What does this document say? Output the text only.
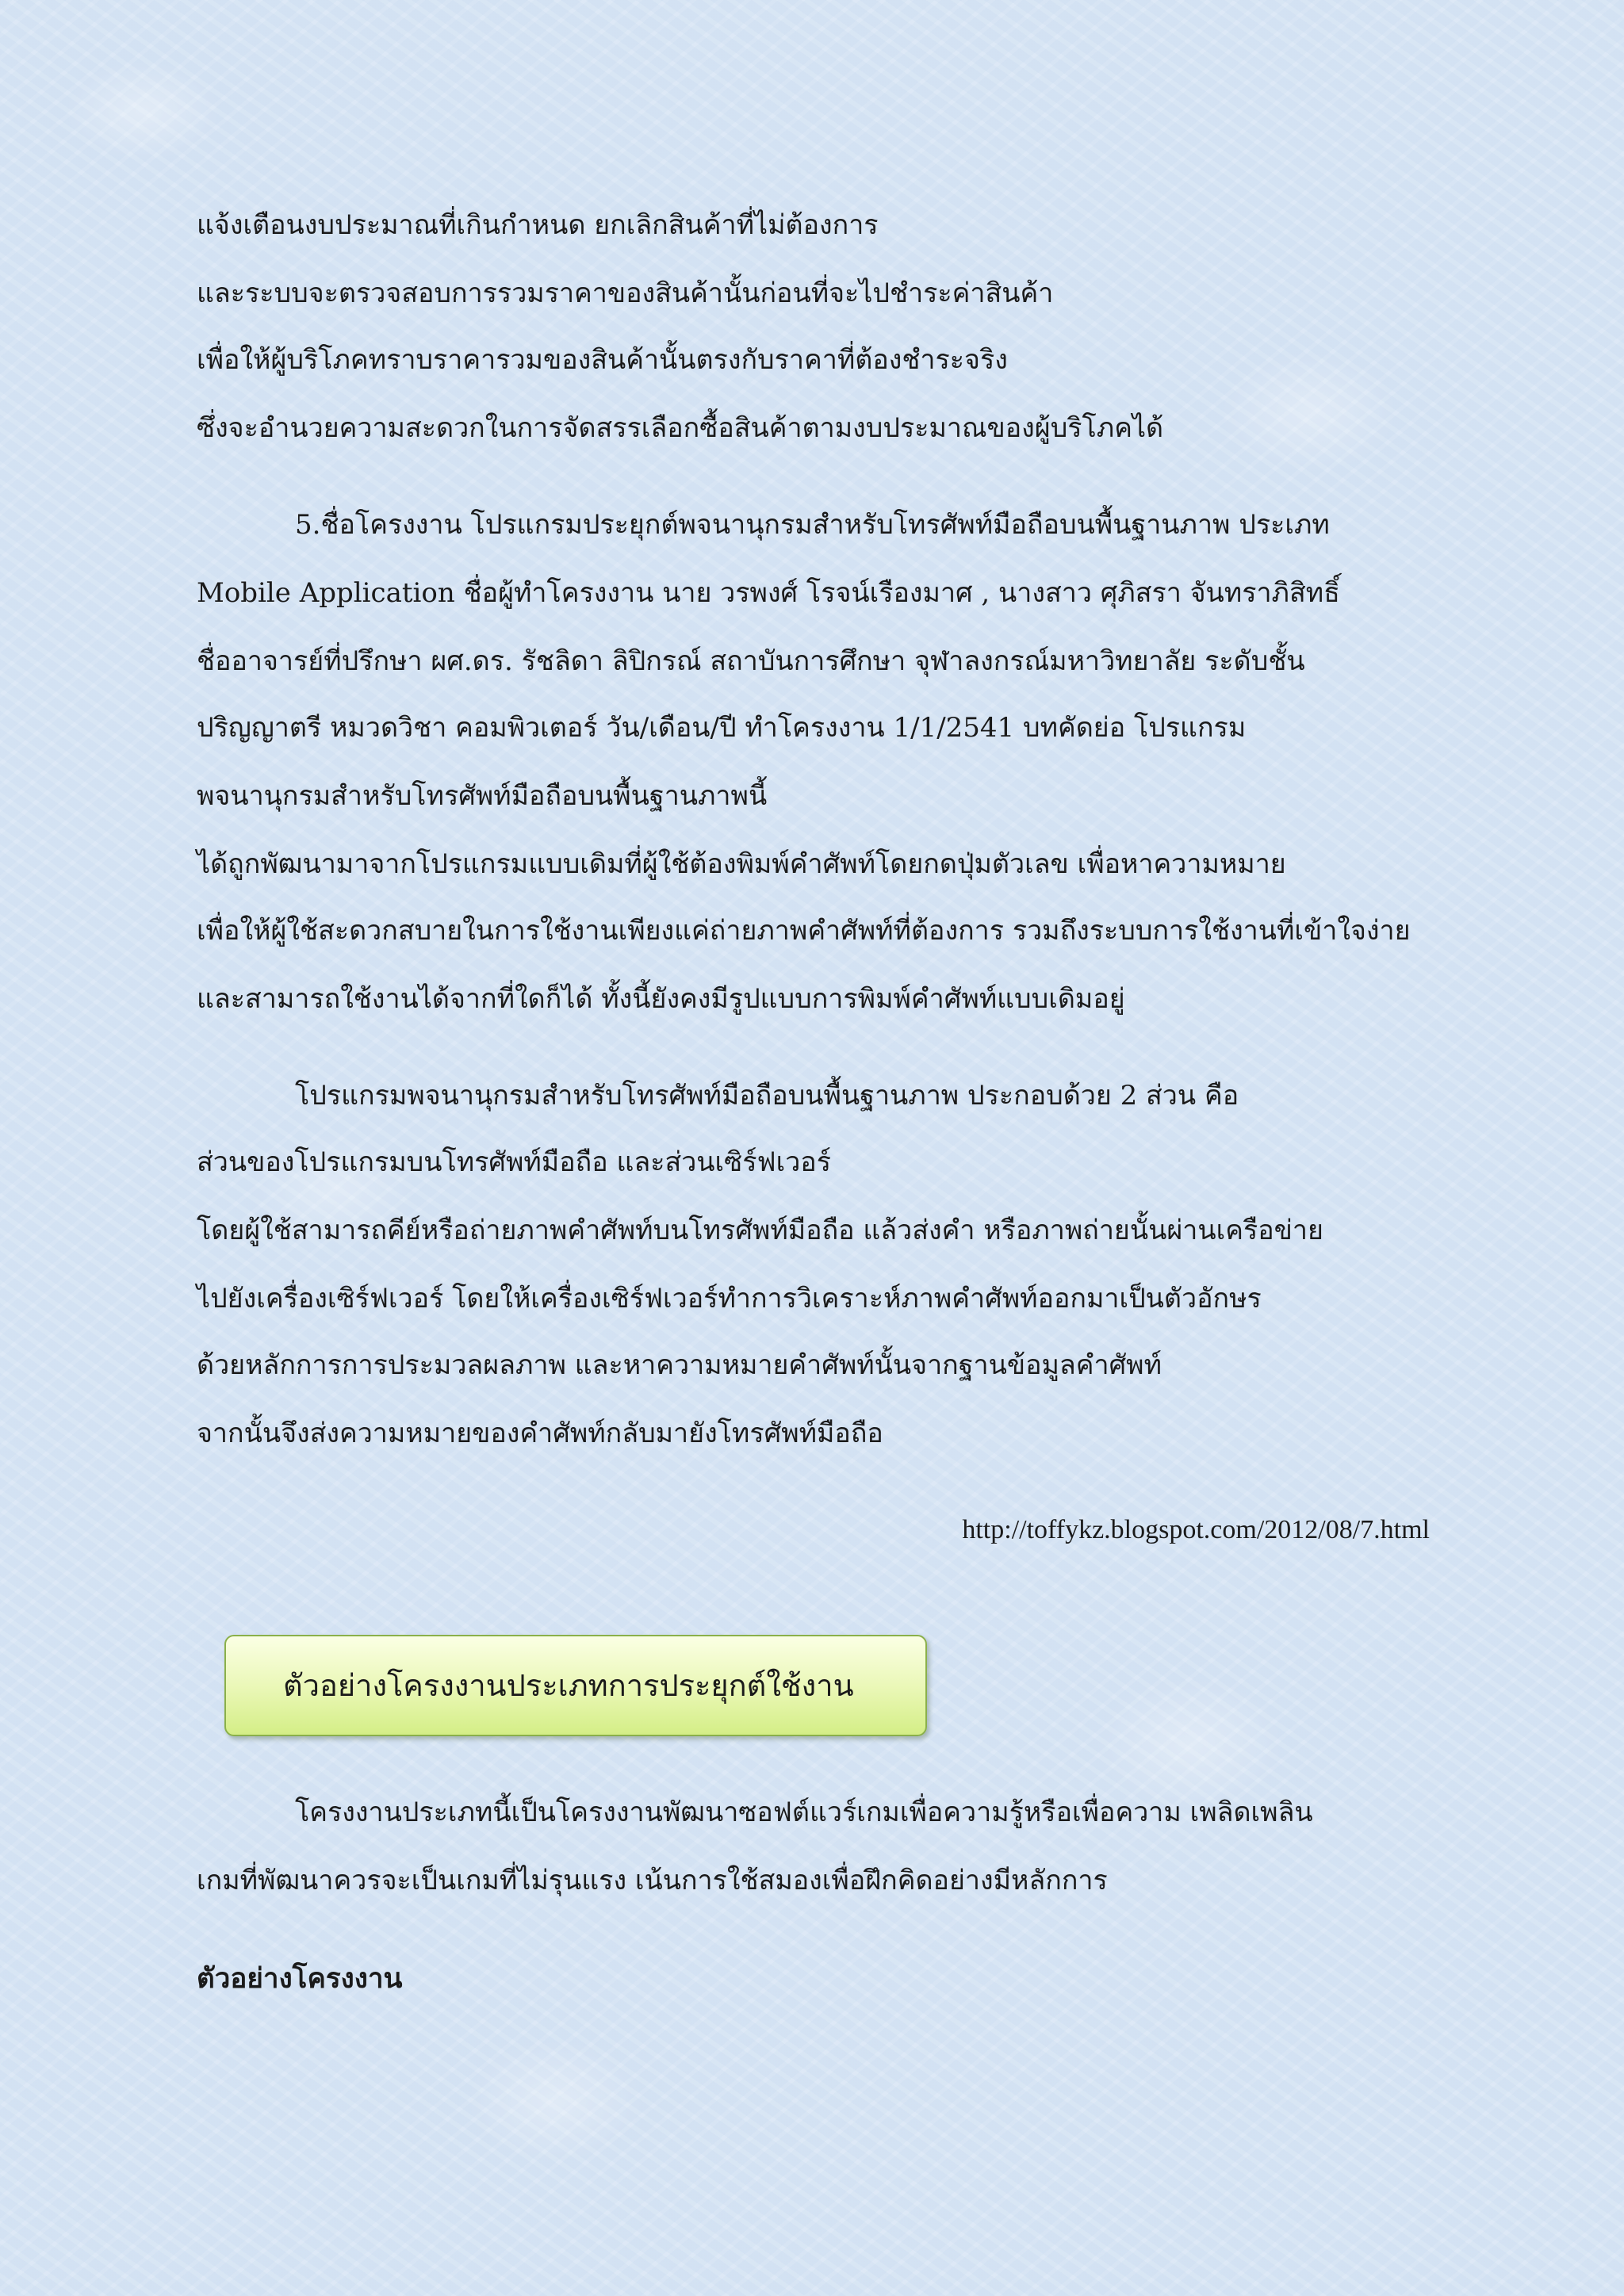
แจ้งเตือนงบประมาณที่เกินกำหนด ยกเลิกสินค้าที่ไม่ต้องการ
และระบบจะตรวจสอบการรวมราคาของสินค้านั้นก่อนที่จะไปชำระค่าสินค้า
เพื่อให้ผู้บริโภคทราบราคารวมของสินค้านั้นตรงกับราคาที่ต้องชำระจริง
ซึ่งจะอำนวยความสะดวกในการจัดสรรเลือกซื้อสินค้าตามงบประมาณของผู้บริโภคได้
5.ชื่อโครงงาน โปรแกรมประยุกต์พจนานุกรมสำหรับโทรศัพท์มือถือบนพื้นฐานภาพ ประเภท
Mobile Application ชื่อผู้ทำโครงงาน นาย วรพงศ์ โรจน์เรืองมาศ , นางสาว ศุภิสรา จันทราภิสิทธิ์
ชื่ออาจารย์ที่ปรึกษา ผศ.ดร. รัชลิดา ลิปิกรณ์ สถาบันการศึกษา จุฬาลงกรณ์มหาวิทยาลัย ระดับชั้น
ปริญญาตรี หมวดวิชา คอมพิวเตอร์ วัน/เดือน/ปี ทำโครงงาน 1/1/2541 บทคัดย่อ โปรแกรม
พจนานุกรมสำหรับโทรศัพท์มือถือบนพื้นฐานภาพนี้
ได้ถูกพัฒนามาจากโปรแกรมแบบเดิมที่ผู้ใช้ต้องพิมพ์คำศัพท์โดยกดปุ่มตัวเลข เพื่อหาความหมาย
เพื่อให้ผู้ใช้สะดวกสบายในการใช้งานเพียงแค่ถ่ายภาพคำศัพท์ที่ต้องการ รวมถึงระบบการใช้งานที่เข้าใจง่าย
และสามารถใช้งานได้จากที่ใดก็ได้ ทั้งนี้ยังคงมีรูปแบบการพิมพ์คำศัพท์แบบเดิมอยู่
โปรแกรมพจนานุกรมสำหรับโทรศัพท์มือถือบนพื้นฐานภาพ ประกอบด้วย 2 ส่วน คือ
ส่วนของโปรแกรมบนโทรศัพท์มือถือ และส่วนเซิร์ฟเวอร์
โดยผู้ใช้สามารถคีย์หรือถ่ายภาพคำศัพท์บนโทรศัพท์มือถือ แล้วส่งคำ หรือภาพถ่ายนั้นผ่านเครือข่าย
ไปยังเครื่องเซิร์ฟเวอร์ โดยให้เครื่องเซิร์ฟเวอร์ทำการวิเคราะห์ภาพคำศัพท์ออกมาเป็นตัวอักษร
ด้วยหลักการการประมวลผลภาพ และหาความหมายคำศัพท์นั้นจากฐานข้อมูลคำศัพท์
จากนั้นจึงส่งความหมายของคำศัพท์กลับมายังโทรศัพท์มือถือ
http://toffykz.blogspot.com/2012/08/7.html
ตัวอย่างโครงงานประเภทการประยุกต์ใช้งาน
โครงงานประเภทนี้เป็นโครงงานพัฒนาซอฟต์แวร์เกมเพื่อความรู้หรือเพื่อความ เพลิดเพลิน
เกมที่พัฒนาควรจะเป็นเกมที่ไม่รุนแรง เน้นการใช้สมองเพื่อฝึกคิดอย่างมีหลักการ
ตัวอย่างโครงงาน
